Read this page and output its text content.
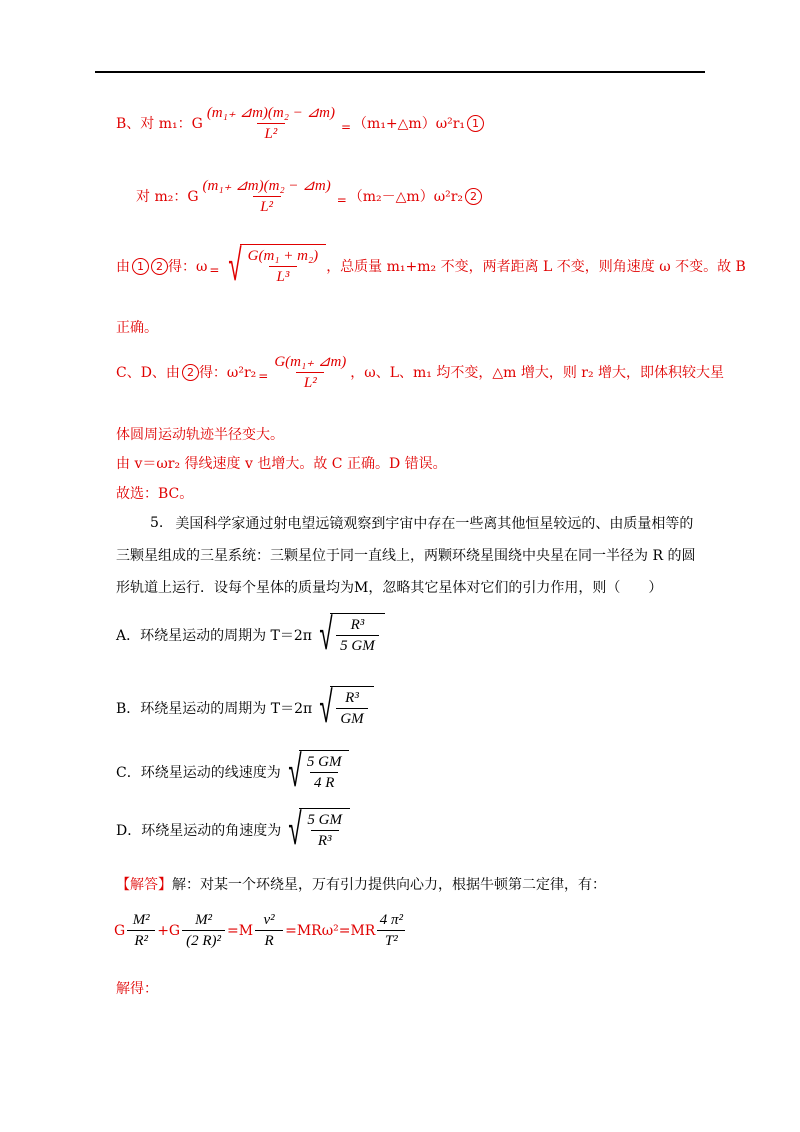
B、对 m₁：G $\frac{\text{(m₁₊ ⊿m)(m₂ − ⊿m)}}{\text{L²}}$ = （m₁+△m）ω²r₁ 1
对 m₂：G $\frac{\text{(m₁₊ ⊿m)(m₂ − ⊿m)}}{\text{L²}}$ = （m₂－△m）ω²r₂ 2
由 1	2 得：ω = √ $\frac{\text{G(m₁ + m₂)}}{\text{L³}}$ ，总质量 m₁+m₂ 不变，两者距离 L 不变，则角速度 ω 不变。故 B
正确。
C、D、由 2 得：$\omega^2r_2 = \frac{\text{G(m₁₊ ⊿m)}}{\text{L²}}$ ，ω、L、m₁ 均不变，△m 增大，则 r₂ 增大，即体积较大星
体圆周运动轨迹半径变大。
由 v＝ωr₂ 得线速度 v 也增大。故 C 正确。D 错误。
故选：BC。
5. 美国科学家通过射电望远镜观察到宇宙中存在一些离其他恒星较远的、由质量相等的
三颗星组成的三星系统：三颗星位于同一直线上，两颗环绕星围绕中央星在同一半径为 R 的圆
形轨道上运行．设每个星体的质量均为M，忽略其它星体对它们的引力作用，则（　　）
A．环绕星运动的周期为 T＝2π √ $\frac{\text{R³}}{5 GM}$
B．环绕星运动的周期为 T＝2π √ $\frac{\text{R³}}{GM}$
C．环绕星运动的线速度为 √ $\frac{5 GM}{4 R}$
D．环绕星运动的角速度为 √ $\frac{5 GM}{\text{R³}}$
【解答】 解：对某一个环绕星，万有引力提供向心力，根据牛顿第二定律，有：
G $\frac{\text{M²}}{\text{R²}} +G \frac{\text{M²}}{\text{(2 R)²}} =M \frac{\text{v²}}{R} =MR\omega^2=MR \frac{\text{4 π²}}{\text{T²}}$
解得：
